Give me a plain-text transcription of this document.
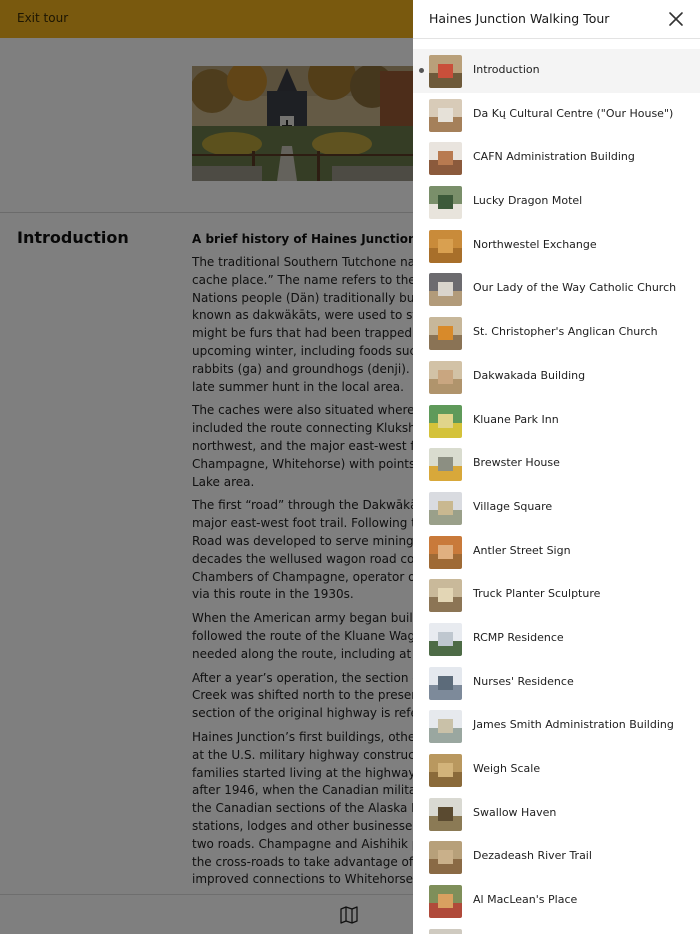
Haines Junction Walking Tour
Introduction
Da Kų Cultural Centre ("Our House")
CAFN Administration Building
Lucky Dragon Motel
Northwestel Exchange
Our Lady of the Way Catholic Church
St. Christopher's Anglican Church
Dakwakada Building
Kluane Park Inn
Brewster House
Village Square
Antler Street Sign
Truck Planter Sculpture
RCMP Residence
Nurses' Residence
James Smith Administration Building
Weigh Scale
Swallow Haven
Dezadeash River Trail
Al MacLean's Place
